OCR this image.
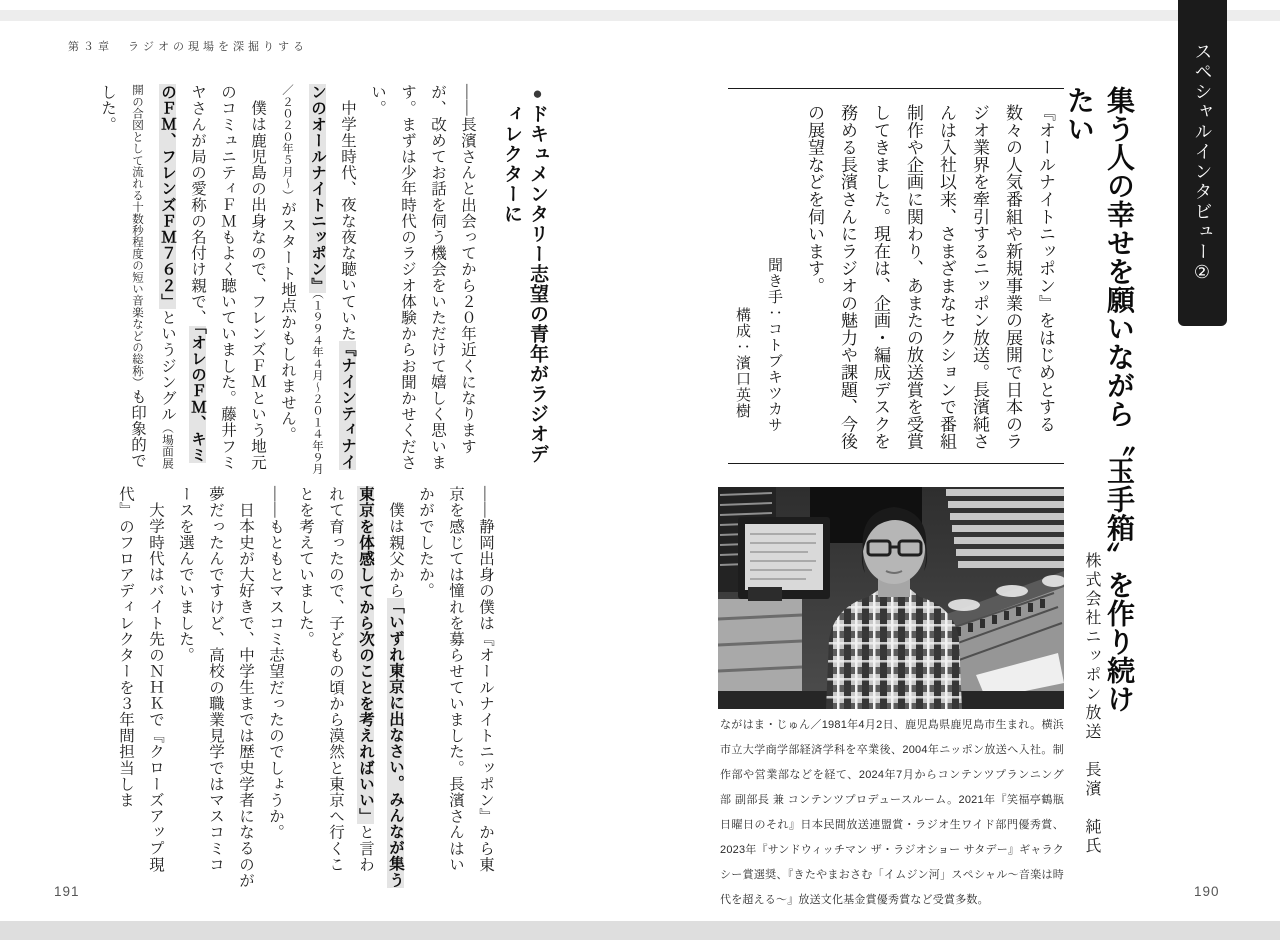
第３章　ラジオの現場を深掘りする
●ドキュメンタリー志望の青年がラジオディレクターに

――長濱さんと出会ってから２０年近くになりますが、改めてお話を伺う機会をいただけて嬉しく思います。まずは少年時代のラジオ体験からお聞かせください。

中学生時代、夜な夜な聴いていた『ナインティナインのオールナイトニッポン』（１９９４年４月～２０１４年９月／２０２０年５月～）がスタート地点かもしれません。

僕は鹿児島の出身なので、フレンズＦＭという地元のコミュニティＦＭもよく聴いていました。藤井フミヤさんが局の愛称の名付け親で、「オレのＦＭ、キミのＦＭ、フレンズＦＭ７６２」というジングル（場面展開の合図として流れる十数秒程度の短い音楽などの総称）も印象的でした。

――静岡出身の僕は『オールナイトニッポン』から東京を感じては憧れを募らせていました。長濱さんはいかがでしたか。

僕は親父から「いずれ東京に出なさい。みんなが集う東京を体感してから次のことを考えればいい」と言われて育ったので、子どもの頃から漠然と東京へ行くことを考えていました。

――もともとマスコミ志望だったのでしょうか。

日本史が大好きで、中学生までは歴史学者になるのが夢だったんですけど、高校の職業見学ではマスコミコースを選んでいました。

大学時代はバイト先のＮＨＫで『クローズアップ現代』のフロアディレクターを３年間担当しま

191
スペシャルインタビュー②
集う人の幸せを願いながら〝玉手箱〟を作り続けたい
株式会社ニッポン放送　長濱　純氏
『オールナイトニッポン』をはじめとする数々の人気番組や新規事業の展開で日本のラジオ業界を牽引するニッポン放送。長濱純さんは入社以来、さまざまなセクションで番組制作や企画に関わり、あまたの放送賞を受賞してきました。現在は、企画・編成デスクを務める長濱さんにラジオの魅力や課題、今後の展望などを伺います。
聞き手：コトブキツカサ
構成：濱口英樹
ながはま・じゅん／1981年4月2日、鹿児島県鹿児島市生まれ。横浜市立大学商学部経済学科を卒業後、2004年ニッポン放送へ入社。制作部や営業部などを経て、2024年7月からコンテンツプランニング部 副部長 兼 コンテンツプロデュースルーム。2021年『笑福亭鶴瓶 日曜日のそれ』日本民間放送連盟賞・ラジオ生ワイド部門優秀賞、2023年『サンドウィッチマン ザ・ラジオショー サタデー』ギャラクシー賞選奨、『きたやまおさむ「イムジン河」スペシャル〜音楽は時代を超える〜』放送文化基金賞優秀賞など受賞多数。
190
